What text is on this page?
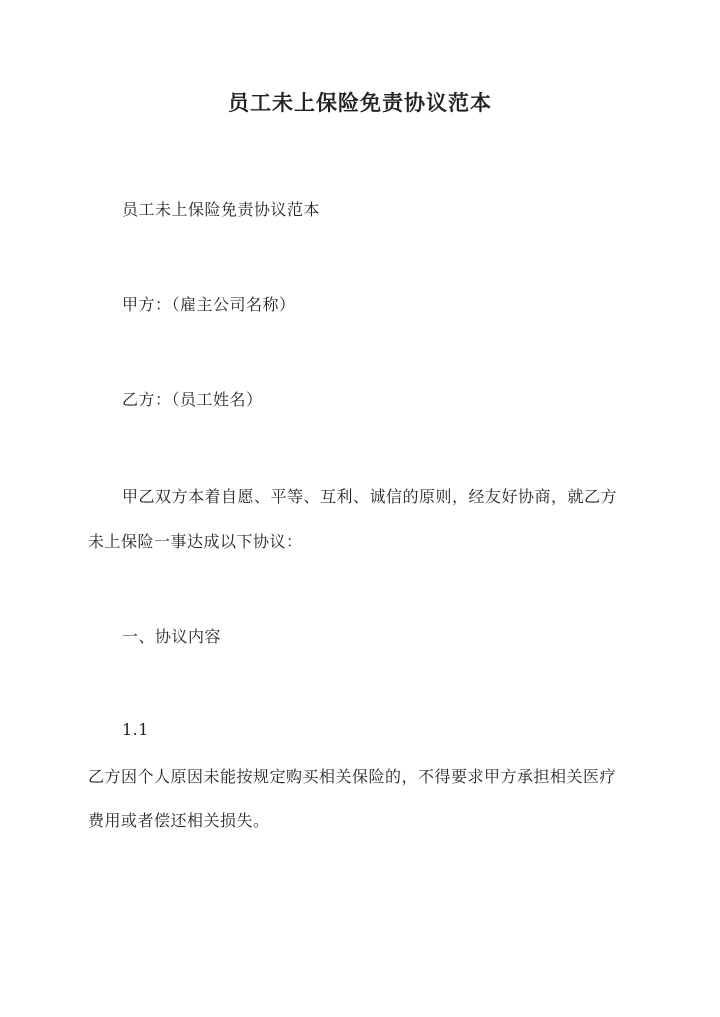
员工未上保险免责协议范本
员工未上保险免责协议范本
甲方：（雇主公司名称）
乙方：（员工姓名）
甲乙双方本着自愿、平等、互利、诚信的原则，经友好协商，就乙方
未上保险一事达成以下协议：
一、协议内容
1.1
乙方因个人原因未能按规定购买相关保险的，不得要求甲方承担相关医疗
费用或者偿还相关损失。
